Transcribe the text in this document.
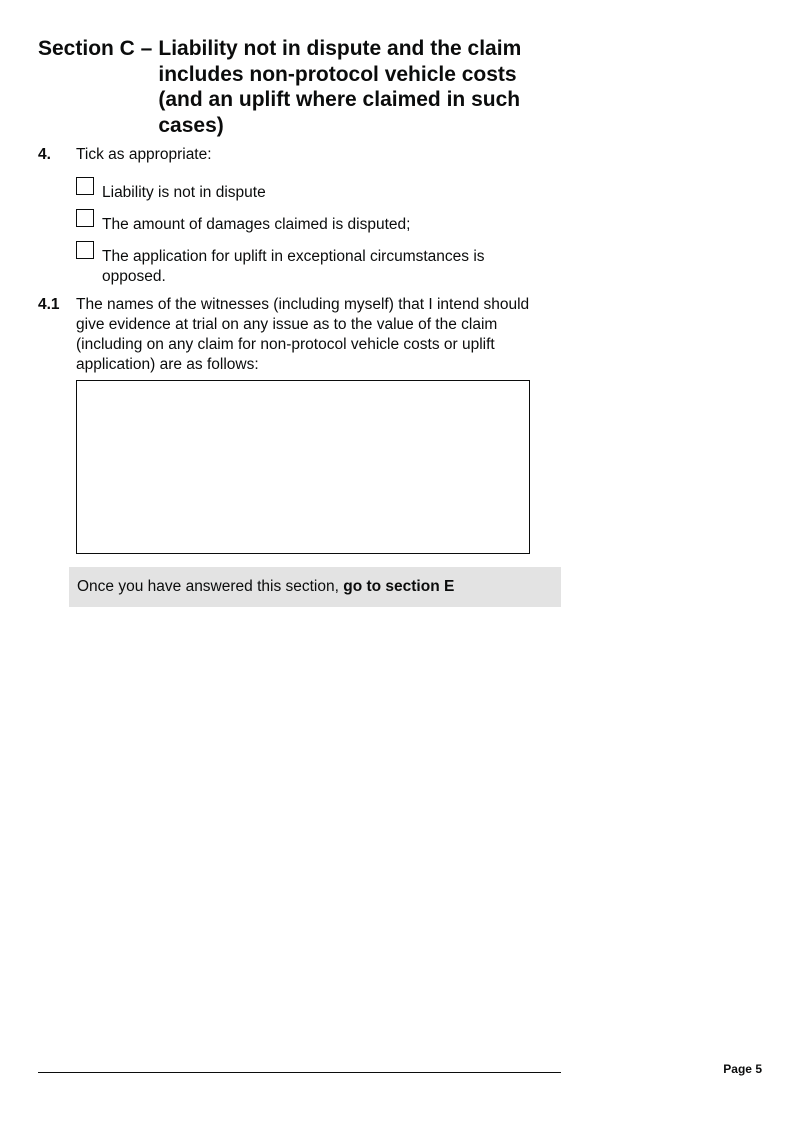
Section C – Liability not in dispute and the claim includes non-protocol vehicle costs (and an uplift where claimed in such cases)
4.	Tick as appropriate:
Liability is not in dispute
The amount of damages claimed is disputed;
The application for uplift in exceptional circumstances is opposed.
4.1	The names of the witnesses (including myself) that I intend should give evidence at trial on any issue as to the value of the claim (including on any claim for non-protocol vehicle costs or uplift application) are as follows:
Once you have answered this section, go to section E
Page 5
